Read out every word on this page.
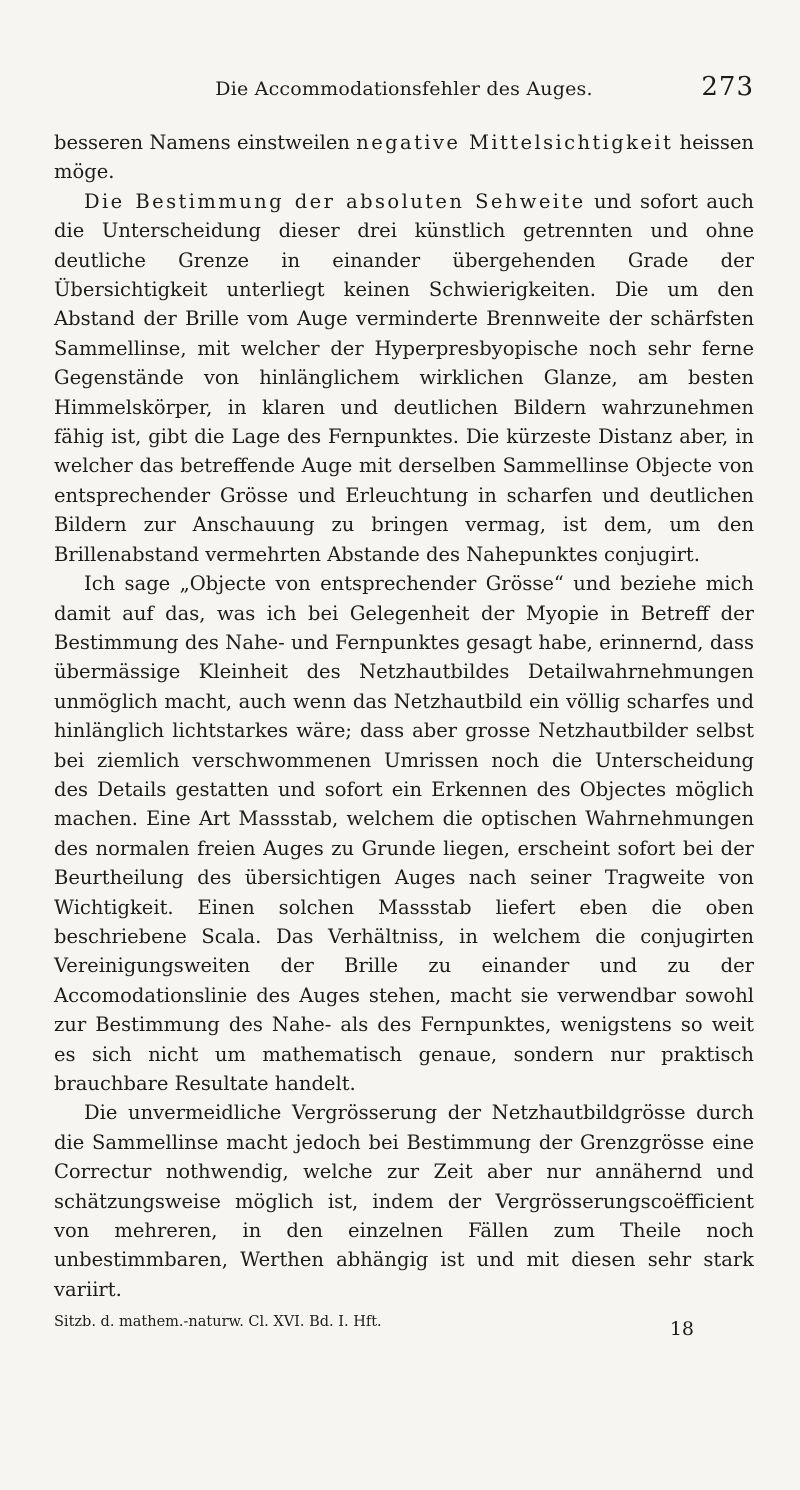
Die Accommodationsfehler des Auges.	273

besseren Namens einstweilen negative Mittelsichtigkeit heissen möge.

Die Bestimmung der absoluten Sehweite und sofort auch die Unterscheidung dieser drei künstlich getrennten und ohne deutliche Grenze in einander übergehenden Grade der Übersichtigkeit unterliegt keinen Schwierigkeiten. Die um den Abstand der Brille vom Auge verminderte Brennweite der schärfsten Sammellinse, mit welcher der Hyperpresbyopische noch sehr ferne Gegenstände von hinlänglichem wirklichen Glanze, am besten Himmelskörper, in klaren und deutlichen Bildern wahrzunehmen fähig ist, gibt die Lage des Fernpunktes. Die kürzeste Distanz aber, in welcher das betreffende Auge mit derselben Sammellinse Objecte von entsprechender Grösse und Erleuchtung in scharfen und deutlichen Bildern zur Anschauung zu bringen vermag, ist dem, um den Brillenabstand vermehrten Abstande des Nahepunktes conjugirt.

Ich sage „Objecte von entsprechender Grösse“ und beziehe mich damit auf das, was ich bei Gelegenheit der Myopie in Betreff der Bestimmung des Nahe- und Fernpunktes gesagt habe, erinnernd, dass übermässige Kleinheit des Netzhautbildes Detailwahrnehmungen unmöglich macht, auch wenn das Netzhautbild ein völlig scharfes und hinlänglich lichtstarkes wäre; dass aber grosse Netzhautbilder selbst bei ziemlich verschwommenen Umrissen noch die Unterscheidung des Details gestatten und sofort ein Erkennen des Objectes möglich machen. Eine Art Massstab, welchem die optischen Wahrnehmungen des normalen freien Auges zu Grunde liegen, erscheint sofort bei der Beurtheilung des übersichtigen Auges nach seiner Tragweite von Wichtigkeit. Einen solchen Massstab liefert eben die oben beschriebene Scala. Das Verhältniss, in welchem die conjugirten Vereinigungsweiten der Brille zu einander und zu der Accomodationslinie des Auges stehen, macht sie verwendbar sowohl zur Bestimmung des Nahe- als des Fernpunktes, wenigstens so weit es sich nicht um mathematisch genaue, sondern nur praktisch brauchbare Resultate handelt.

Die unvermeidliche Vergrösserung der Netzhautbildgrösse durch die Sammellinse macht jedoch bei Bestimmung der Grenzgrösse eine Correctur nothwendig, welche zur Zeit aber nur annähernd und schätzungsweise möglich ist, indem der Vergrösserungscoëfficient von mehreren, in den einzelnen Fällen zum Theile noch unbestimmbaren, Werthen abhängig ist und mit diesen sehr stark variirt.

Sitzb. d. mathem.-naturw. Cl. XVI. Bd. I. Hft.	18
